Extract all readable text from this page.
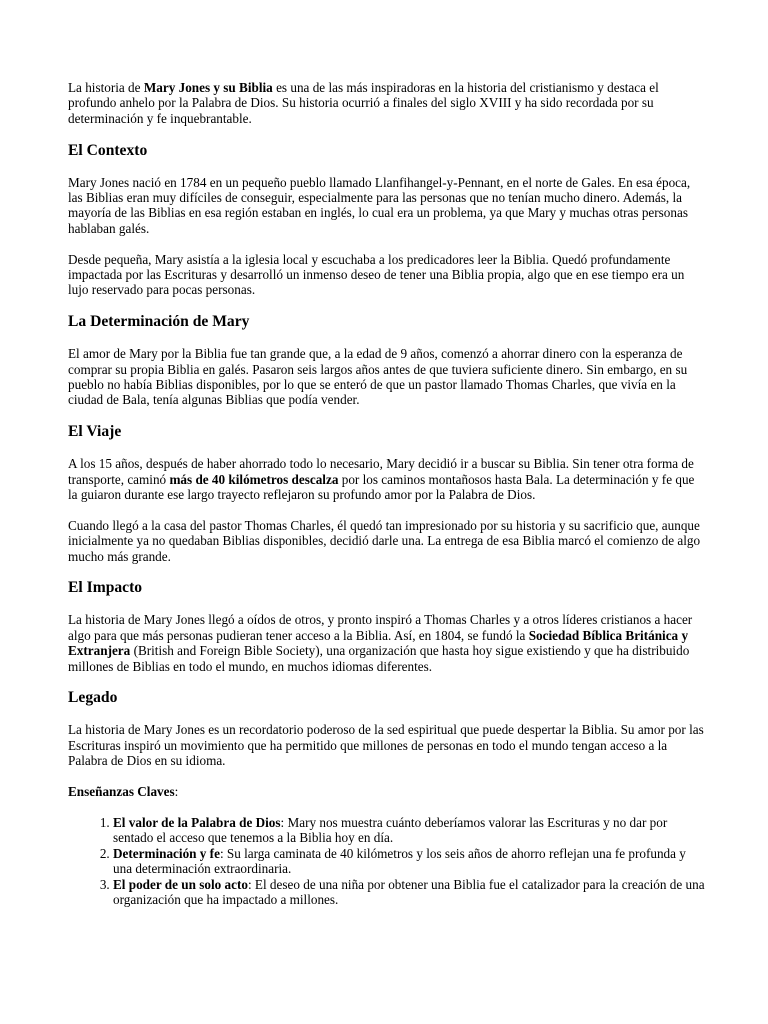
La historia de Mary Jones y su Biblia es una de las más inspiradoras en la historia del cristianismo y destaca el profundo anhelo por la Palabra de Dios. Su historia ocurrió a finales del siglo XVIII y ha sido recordada por su determinación y fe inquebrantable.

El Contexto

Mary Jones nació en 1784 en un pequeño pueblo llamado Llanfihangel-y-Pennant, en el norte de Gales. En esa época, las Biblias eran muy difíciles de conseguir, especialmente para las personas que no tenían mucho dinero. Además, la mayoría de las Biblias en esa región estaban en inglés, lo cual era un problema, ya que Mary y muchas otras personas hablaban galés.

Desde pequeña, Mary asistía a la iglesia local y escuchaba a los predicadores leer la Biblia. Quedó profundamente impactada por las Escrituras y desarrolló un inmenso deseo de tener una Biblia propia, algo que en ese tiempo era un lujo reservado para pocas personas.

La Determinación de Mary

El amor de Mary por la Biblia fue tan grande que, a la edad de 9 años, comenzó a ahorrar dinero con la esperanza de comprar su propia Biblia en galés. Pasaron seis largos años antes de que tuviera suficiente dinero. Sin embargo, en su pueblo no había Biblias disponibles, por lo que se enteró de que un pastor llamado Thomas Charles, que vivía en la ciudad de Bala, tenía algunas Biblias que podía vender.

El Viaje

A los 15 años, después de haber ahorrado todo lo necesario, Mary decidió ir a buscar su Biblia. Sin tener otra forma de transporte, caminó más de 40 kilómetros descalza por los caminos montañosos hasta Bala. La determinación y fe que la guiaron durante ese largo trayecto reflejaron su profundo amor por la Palabra de Dios.

Cuando llegó a la casa del pastor Thomas Charles, él quedó tan impresionado por su historia y su sacrificio que, aunque inicialmente ya no quedaban Biblias disponibles, decidió darle una. La entrega de esa Biblia marcó el comienzo de algo mucho más grande.

El Impacto

La historia de Mary Jones llegó a oídos de otros, y pronto inspiró a Thomas Charles y a otros líderes cristianos a hacer algo para que más personas pudieran tener acceso a la Biblia. Así, en 1804, se fundó la Sociedad Bíblica Británica y Extranjera (British and Foreign Bible Society), una organización que hasta hoy sigue existiendo y que ha distribuido millones de Biblias en todo el mundo, en muchos idiomas diferentes.

Legado

La historia de Mary Jones es un recordatorio poderoso de la sed espiritual que puede despertar la Biblia. Su amor por las Escrituras inspiró un movimiento que ha permitido que millones de personas en todo el mundo tengan acceso a la Palabra de Dios en su idioma.

Enseñanzas Claves:

1. El valor de la Palabra de Dios: Mary nos muestra cuánto deberíamos valorar las Escrituras y no dar por sentado el acceso que tenemos a la Biblia hoy en día.
2. Determinación y fe: Su larga caminata de 40 kilómetros y los seis años de ahorro reflejan una fe profunda y una determinación extraordinaria.
3. El poder de un solo acto: El deseo de una niña por obtener una Biblia fue el catalizador para la creación de una organización que ha impactado a millones.
